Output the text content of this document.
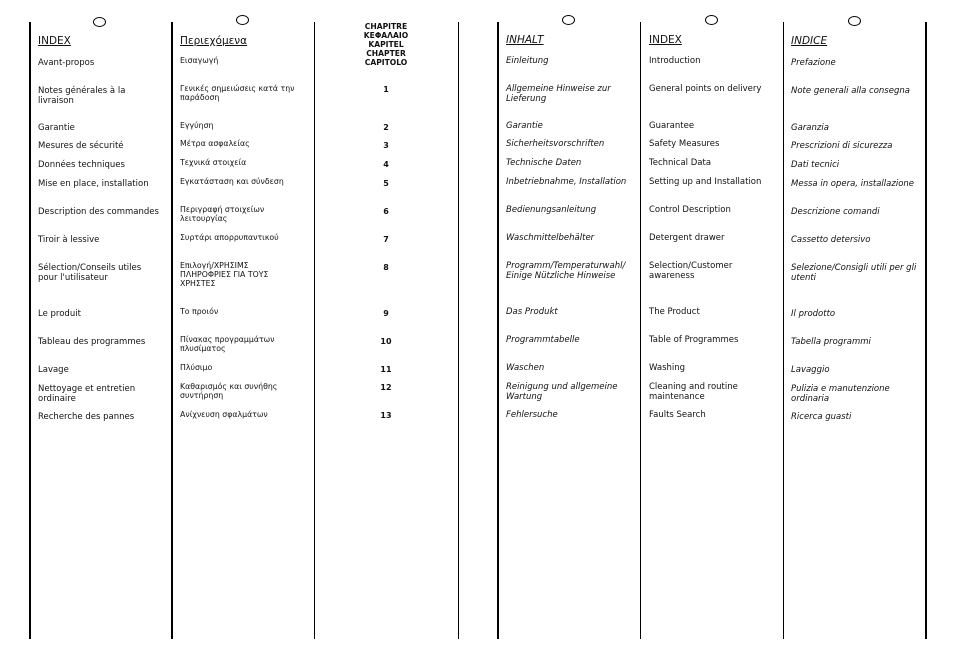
INDEX
Avant-propos
Notes générales à la
livraison
Garantie
Mesures de sécurité
Données techniques
Mise en place, installation
Description des commandes
Tiroir à lessive
Sélection/Conseils utiles
pour l'utilisateur
Le produit
Tableau des programmes
Lavage
Nettoyage et entretien
ordinaire
Recherche des pannes
Περιεχόμενα
Εισαγωγή
Γενικές σημειώσεις κατά την
παράδοση
Εγγύηση
Μέτρα ασφαλείας
Τεχνικά στοιχεία
Εγκατάσταση και σύνδεση
Περιγραφή στοιχείων
λειτουργίας
Συρτάρι απορρυπαντικού
Επιλογή/ΧΡΗΣΙΜΣ
ΠΛΗΡΟΦΡΙΕΣ ΓΙΑ ΤΟΥΣ
ΧΡΗΣΤΕΣ
Το προιόν
Πίνακας προγραμμάτων
πλυσίματος
Πλύσιμο
Καθαρισμός και συνήθης
συντήρηση
Ανίχνευση σφαλμάτων
CHAPITRE
ΚΕΦΑΛΑΙΟ
KAPITEL
CHAPTER
CAPITOLO
1
2
3
4
5
6
7
8
9
10
11
12
13
INHALT
Einleitung
Allgemeine Hinweise zur
Lieferung
Garantie
Sicherheitsvorschriften
Technische Daten
Inbetriebnahme, Installation
Bedienungsanleitung
Waschmittelbehälter
Programm/Temperaturwahl/
Einige Nützliche Hinweise
Das Produkt
Programmtabelle
Waschen
Reinigung und allgemeine
Wartung
Fehlersuche
INDEX
Introduction
General points on delivery
Guarantee
Safety Measures
Technical Data
Setting up and Installation
Control Description
Detergent drawer
Selection/Customer
awareness
The Product
Table of Programmes
Washing
Cleaning and routine
maintenance
Faults Search
INDICE
Prefazione
Note generali alla consegna
Garanzia
Prescrizioni di sicurezza
Dati tecnici
Messa in opera, installazione
Descrizione comandi
Cassetto detersivo
Selezione/Consigli utili per gli
utenti
Il prodotto
Tabella programmi
Lavaggio
Pulizia e manutenzione
ordinaria
Ricerca guasti
